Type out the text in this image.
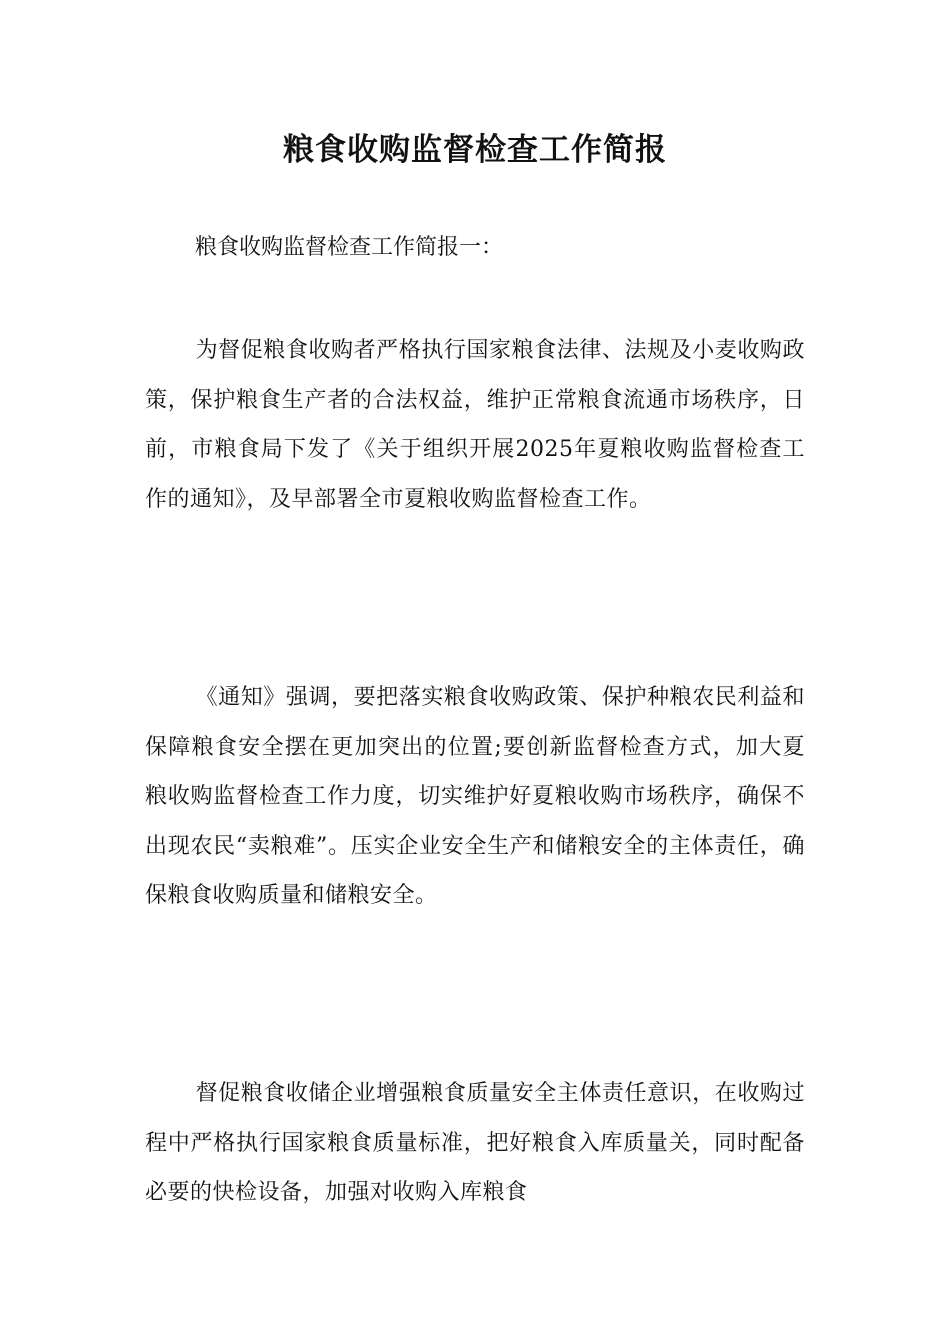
粮食收购监督检查工作简报

粮食收购监督检查工作简报一：

为督促粮食收购者严格执行国家粮食法律、法规及小麦收购政策，保护粮食生产者的合法权益，维护正常粮食流通市场秩序，日前，市粮食局下发了《关于组织开展2025年夏粮收购监督检查工作的通知》，及早部署全市夏粮收购监督检查工作。

《通知》强调，要把落实粮食收购政策、保护种粮农民利益和保障粮食安全摆在更加突出的位置;要创新监督检查方式，加大夏粮收购监督检查工作力度，切实维护好夏粮收购市场秩序，确保不出现农民“卖粮难”。压实企业安全生产和储粮安全的主体责任，确保粮食收购质量和储粮安全。

督促粮食收储企业增强粮食质量安全主体责任意识，在收购过程中严格执行国家粮食质量标准，把好粮食入库质量关，同时配备必要的快检设备，加强对收购入库粮食
